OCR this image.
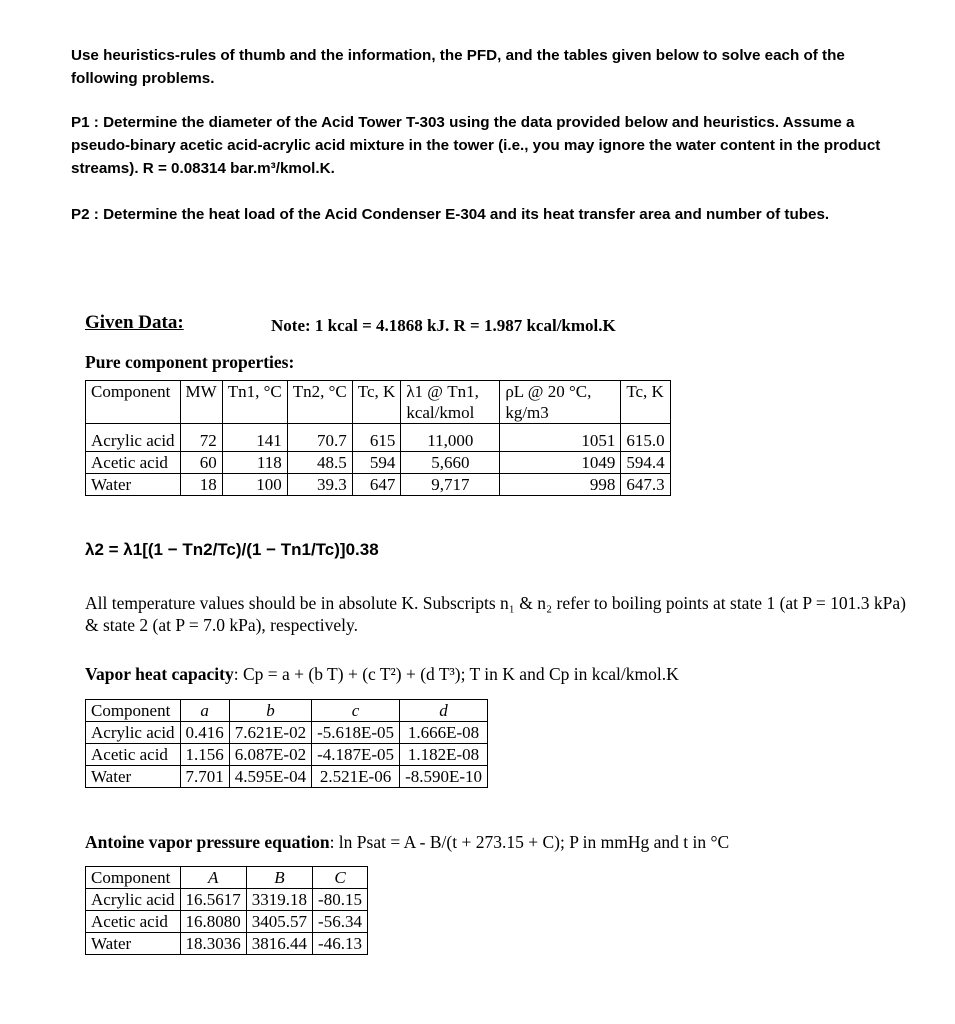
Use heuristics-rules of thumb and the information, the PFD, and the tables given below to solve each of the following problems.
P1 : Determine the diameter of the Acid Tower T-303 using the data provided below and heuristics. Assume a pseudo-binary acetic acid-acrylic acid mixture in the tower (i.e., you may ignore the water content in the product streams). R = 0.08314 bar.m³/kmol.K.
P2 : Determine the heat load of the Acid Condenser E-304 and its heat transfer area and number of tubes.
Given Data:	Note: 1 kcal = 4.1868 kJ. R = 1.987 kcal/kmol.K
Pure component properties:
Component	MW	Tn1, °C	Tn2, °C	Tc, K	λ1 @ Tn1, kcal/kmol	ρL @ 20 °C, kg/m3	Tc, K
Acrylic acid	72	141	70.7	615	11,000	1051	615.0
Acetic acid	60	118	48.5	594	5,660	1049	594.4
Water	18	100	39.3	647	9,717	998	647.3
λ2 = λ1[(1 − Tn2/Tc)/(1 − Tn1/Tc)]0.38
All temperature values should be in absolute K. Subscripts n₁ & n₂ refer to boiling points at state 1 (at P = 101.3 kPa) & state 2 (at P = 7.0 kPa), respectively.
Vapor heat capacity: Cp = a + (b T) + (c T²) + (d T³); T in K and Cp in kcal/kmol.K
Component	a	b	c	d
Acrylic acid	0.416	7.621E-02	-5.618E-05	1.666E-08
Acetic acid	1.156	6.087E-02	-4.187E-05	1.182E-08
Water	7.701	4.595E-04	2.521E-06	-8.590E-10
Antoine vapor pressure equation: ln Psat = A - B/(t + 273.15 + C); P in mmHg and t in °C
Component	A	B	C
Acrylic acid	16.5617	3319.18	-80.15
Acetic acid	16.8080	3405.57	-56.34
Water	18.3036	3816.44	-46.13
